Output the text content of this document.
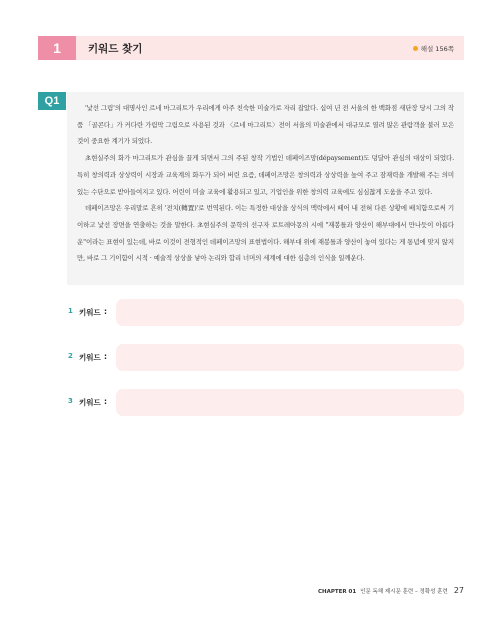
1	키워드 찾기	해설 156쪽
Q1

'낯선 그림'의 대명사인 르네 마그리트가 우리에게 아주 친숙한 미술가로 자리 잡았다. 십여 년 전 서울의 한 백화점 새단장 당시 그의 작품 「골콘다」가 커다란 가림막 그림으로 사용된 것과 〈르네 마그리트〉전이 서울의 미술관에서 대규모로 열려 많은 관람객을 불러 모은 것이 중요한 계기가 되었다.

초현실주의 화가 마그리트가 관심을 끌게 되면서 그의 주된 창작 기법인 데페이즈망(dépaysement)도 덩달아 관심의 대상이 되었다. 특히 창의력과 상상력이 시장과 교육계의 화두가 되어 버린 요즘, 데페이즈망은 창의력과 상상력을 높여 주고 잠재력을 개발해 주는 의미 있는 수단으로 받아들여지고 있다. 어린이 미술 교육에 활용되고 있고, 기업인을 위한 창의력 교육에도 심심찮게 도움을 주고 있다.

데페이즈망은 우리말로 흔히 '전치(轉置)'로 번역된다. 이는 특정한 대상을 상식의 맥락에서 떼어 내 전혀 다른 상황에 배치함으로써 기이하고 낯선 장면을 연출하는 것을 말한다. 초현실주의 문학의 선구자 로트레아몽의 시에 "재봉틀과 양산이 해부대에서 만나듯이 아름다운"이라는 표현이 있는데, 바로 이것이 전형적인 데페이즈망의 표현법이다. 해부대 위에 재봉틀과 양산이 놓여 있다는 게 통념에 맞지 않지만, 바로 그 기이함이 시적 · 예술적 상상을 낳아 논리와 합리 너머의 세계에 대한 심층의 인식을 일깨운다.

1 키워드 :
2 키워드 :
3 키워드 :
CHAPTER 01 인문 독해 제시문 훈련 – 정확성 훈련 27
